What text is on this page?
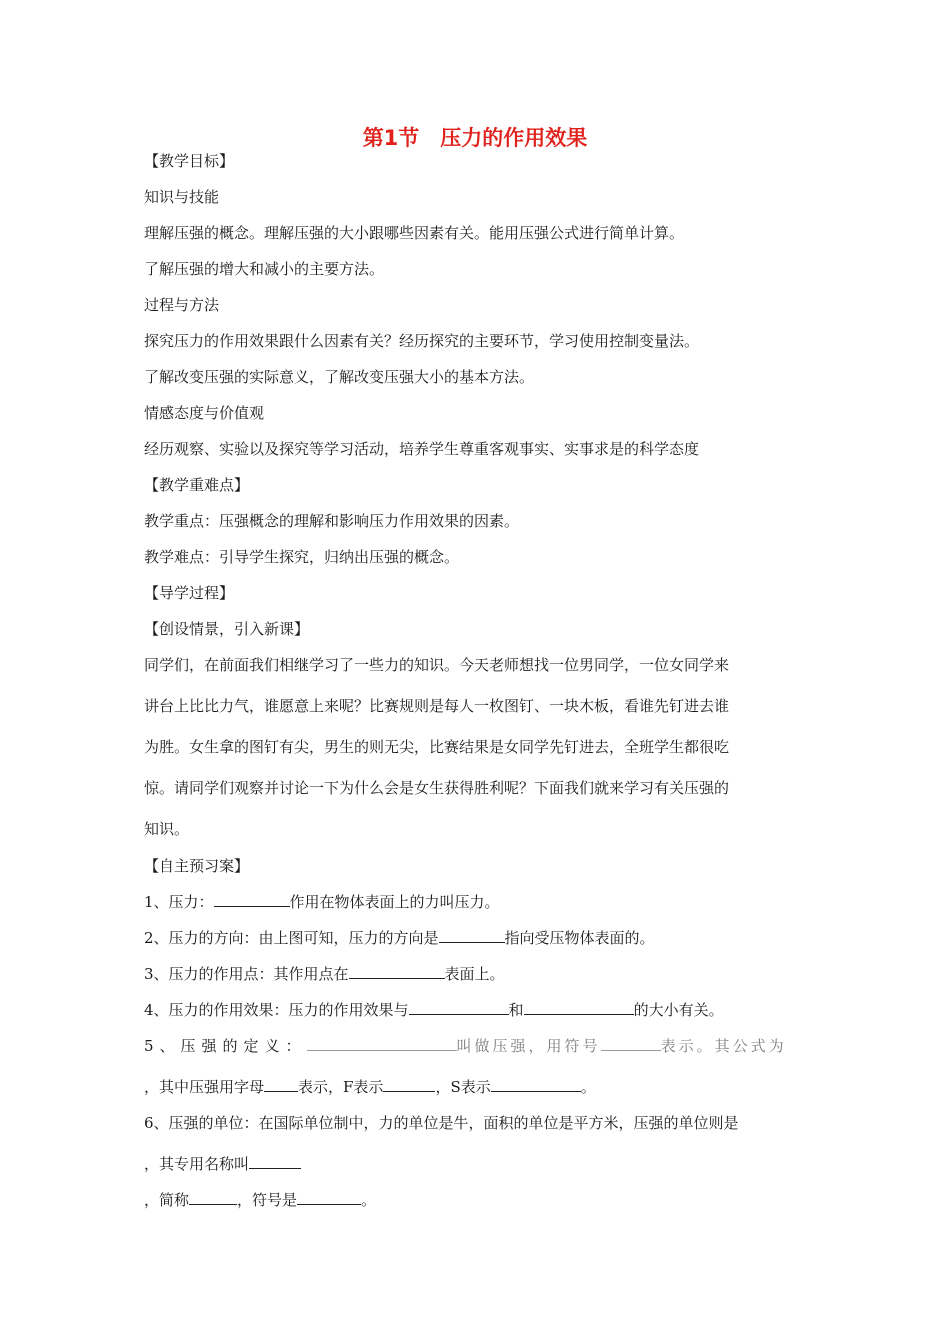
第1节　压力的作用效果
【教学目标】
知识与技能
理解压强的概念。理解压强的大小跟哪些因素有关。能用压强公式进行简单计算。
了解压强的增大和减小的主要方法。
过程与方法
探究压力的作用效果跟什么因素有关？经历探究的主要环节，学习使用控制变量法。
了解改变压强的实际意义，了解改变压强大小的基本方法。
情感态度与价值观
经历观察、实验以及探究等学习活动，培养学生尊重客观事实、实事求是的科学态度
【教学重难点】
教学重点：压强概念的理解和影响压力作用效果的因素。
教学难点：引导学生探究，归纳出压强的概念。
【导学过程】
【创设情景，引入新课】
同学们，在前面我们相继学习了一些力的知识。今天老师想找一位男同学，一位女同学来
讲台上比比力气，谁愿意上来呢？比赛规则是每人一枚图钉、一块木板，看谁先钉进去谁
为胜。女生拿的图钉有尖，男生的则无尖，比赛结果是女同学先钉进去，全班学生都很吃
惊。请同学们观察并讨论一下为什么会是女生获得胜利呢？下面我们就来学习有关压强的
知识。
【自主预习案】
1、压力：	作用在物体表面上的力叫压力。
2、压力的方向：由上图可知，压力的方向是	指向受压物体表面的。
3、压力的作用点：其作用点在	表面上。
4、压力的作用效果：压力的作用效果与	和	的大小有关。
5、压强的定义：	叫做压强，用符号	表示。其公式为
，其中压强用字母 表示，F表示	，S表示	。
6、压强的单位：在国际单位制中，力的单位是牛，面积的单位是平方米，压强的单位则是
，其专用名称叫
，简称	，符号是	。
